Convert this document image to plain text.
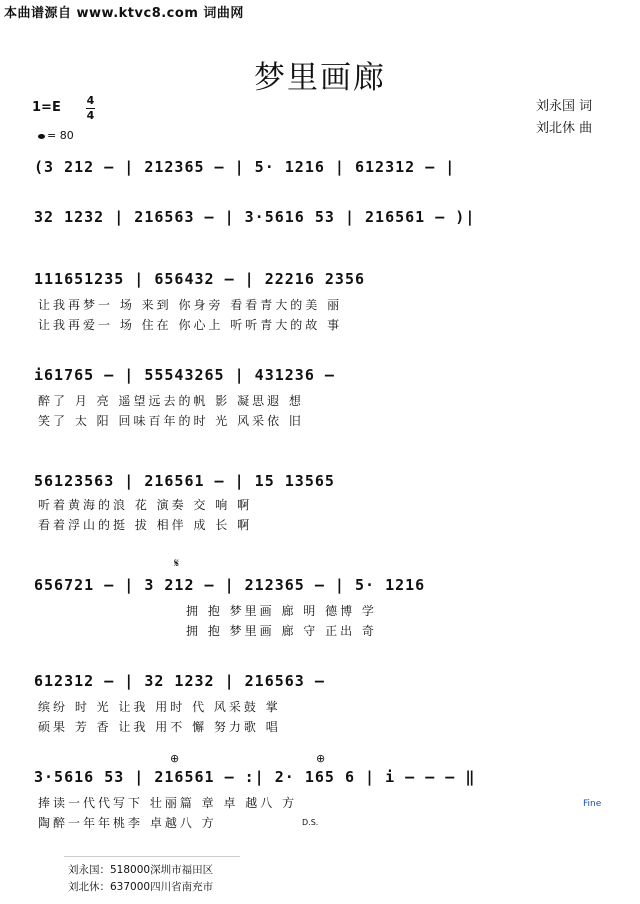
本曲谱源自 www.ktvc8.com 词曲网
梦里画廊
1=E 4
4
= 80
刘永国 词
刘北休 曲
(3 212 – | 212365 – | 5· 1216 | 612312 – |
32 1232 | 216563 – | 3·5616 53 | 216561 – )|
111651235 | 656432 – | 22216 2356
让我再梦一 场 来到 你身旁 看看青大的美 丽
让我再爱一 场 住在 你心上 听听青大的故 事
i61765 – | 55543265 | 431236 –
醉了 月 亮 遥望远去的帆 影 凝思遐 想
笑了 太 阳 回味百年的时 光 风采依 旧
56123563 | 216561 – | 15 13565
听着黄海的浪 花 演奏 交 响 啊
看着浮山的挺 拔 相伴 成 长 啊
𝄋
656721 – | 3 212 – | 212365 – | 5· 1216
拥 抱 梦里画 廊 明 德博 学
拥 抱 梦里画 廊 守 正出 奇
612312 – | 32 1232 | 216563 –
缤纷 时 光 让我 用时 代 风采鼓 掌
硕果 芳 香 让我 用不 懈 努力歌 唱
⊕	⊕
3·5616 53 | 216561 – :| 2· 165 6 | i – – – ‖
捧读一代代写下 壮丽篇 章 卓 越八 方
陶醉一年年桃李 卓越八 方
Fine
D.S.
刘永国：518000深圳市福田区
刘北休：637000四川省南充市
